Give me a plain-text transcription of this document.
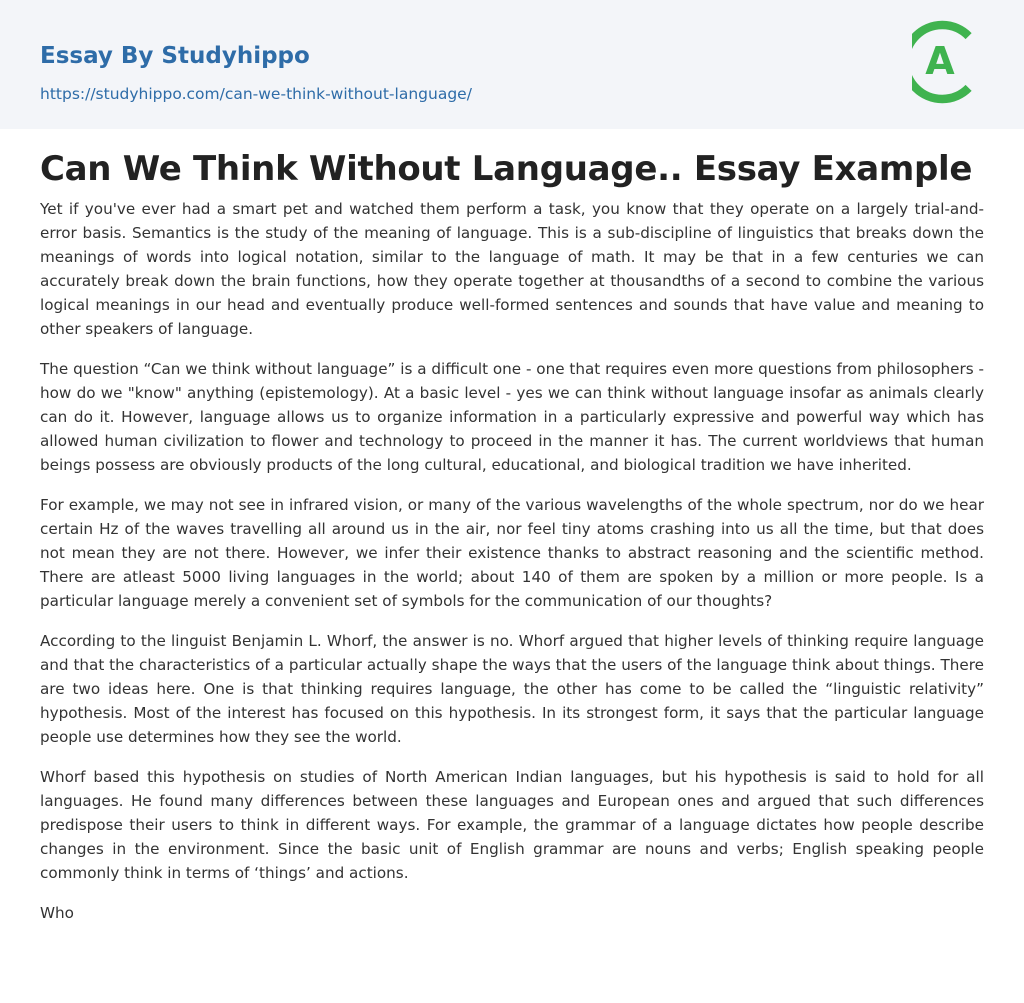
Essay By Studyhippo
https://studyhippo.com/can-we-think-without-language/
A
Can We Think Without Language.. Essay Example

Yet if you've ever had a smart pet and watched them perform a task, you know that they operate on a largely trial-and-error basis. Semantics is the study of the meaning of language. This is a sub-discipline of linguistics that breaks down the meanings of words into logical notation, similar to the language of math. It may be that in a few centuries we can accurately break down the brain functions, how they operate together at thousandths of a second to combine the various logical meanings in our head and eventually produce well-formed sentences and sounds that have value and meaning to other speakers of language.

The question “Can we think without language” is a difficult one - one that requires even more questions from philosophers - how do we "know" anything (epistemology). At a basic level - yes we can think without language insofar as animals clearly can do it. However, language allows us to organize information in a particularly expressive and powerful way which has allowed human civilization to flower and technology to proceed in the manner it has. The current worldviews that human beings possess are obviously products of the long cultural, educational, and biological tradition we have inherited.

For example, we may not see in infrared vision, or many of the various wavelengths of the whole spectrum, nor do we hear certain Hz of the waves travelling all around us in the air, nor feel tiny atoms crashing into us all the time, but that does not mean they are not there. However, we infer their existence thanks to abstract reasoning and the scientific method. There are atleast 5000 living languages in the world; about 140 of them are spoken by a million or more people. Is a particular language merely a convenient set of symbols for the communication of our thoughts?

According to the linguist Benjamin L. Whorf, the answer is no. Whorf argued that higher levels of thinking require language and that the characteristics of a particular actually shape the ways that the users of the language think about things. There are two ideas here. One is that thinking requires language, the other has come to be called the “linguistic relativity” hypothesis. Most of the interest has focused on this hypothesis. In its strongest form, it says that the particular language people use determines how they see the world.

Whorf based this hypothesis on studies of North American Indian languages, but his hypothesis is said to hold for all languages. He found many differences between these languages and European ones and argued that such differences predispose their users to think in different ways. For example, the grammar of a language dictates how people describe changes in the environment. Since the basic unit of English grammar are nouns and verbs; English speaking people commonly think in terms of ‘things’ and actions.

Who
